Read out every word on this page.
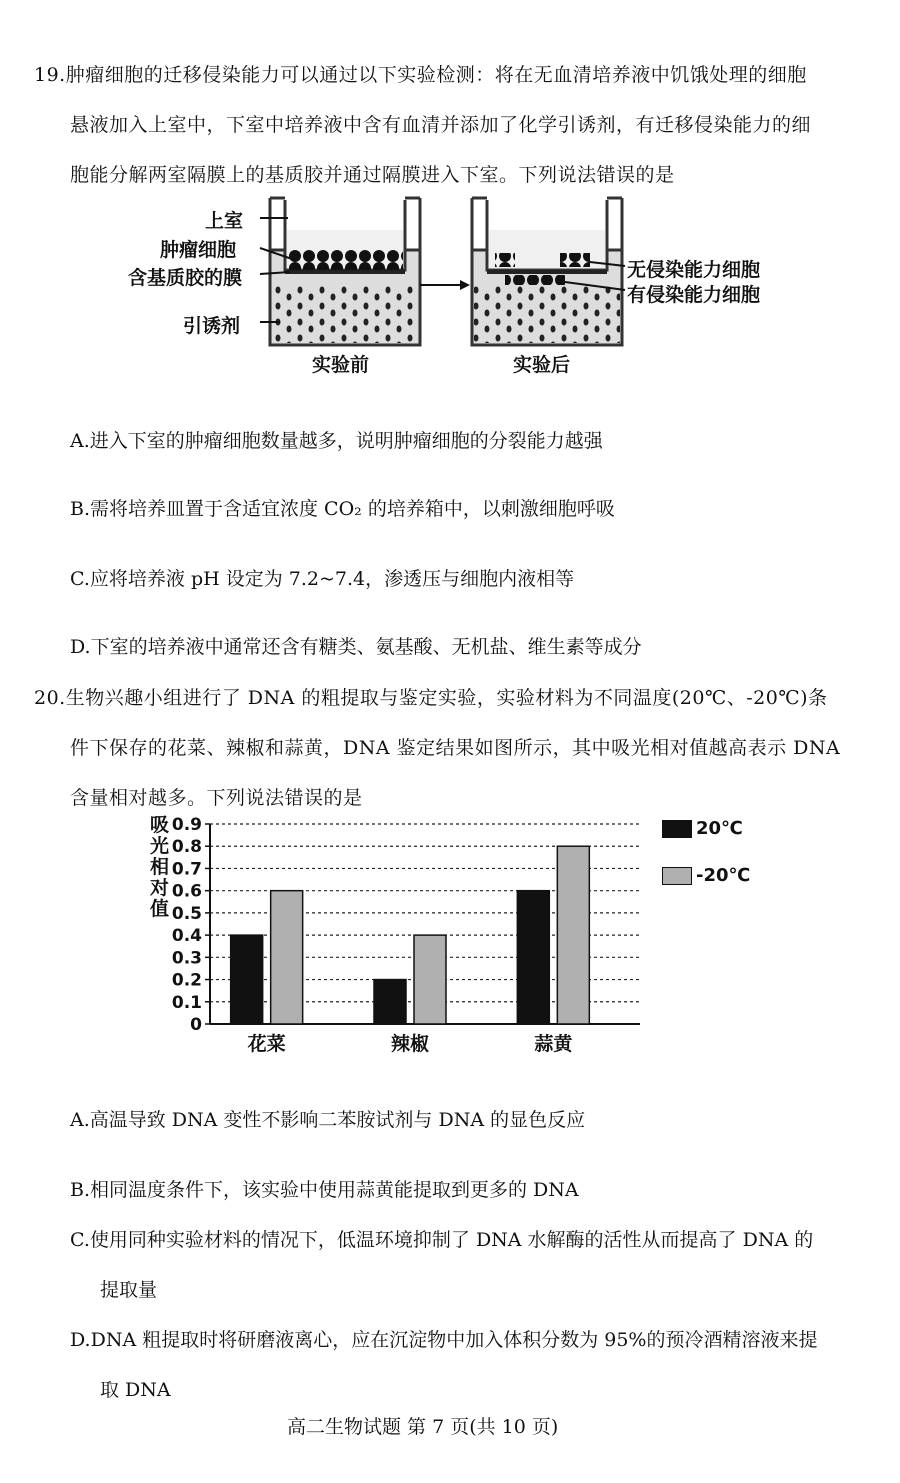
19.肿瘤细胞的迁移侵染能力可以通过以下实验检测：将在无血清培养液中饥饿处理的细胞
悬液加入上室中，下室中培养液中含有血清并添加了化学引诱剂，有迁移侵染能力的细
胞能分解两室隔膜上的基质胶并通过隔膜进入下室。下列说法错误的是
上室
肿瘤细胞
含基质胶的膜
引诱剂
无侵染能力细胞
有侵染能力细胞
实验前	实验后
A.进入下室的肿瘤细胞数量越多，说明肿瘤细胞的分裂能力越强
B.需将培养皿置于含适宜浓度 CO₂ 的培养箱中，以刺激细胞呼吸
C.应将培养液 pH 设定为 7.2~7.4，渗透压与细胞内液相等
D.下室的培养液中通常还含有糖类、氨基酸、无机盐、维生素等成分
20.生物兴趣小组进行了 DNA 的粗提取与鉴定实验，实验材料为不同温度(20℃、-20℃)条
件下保存的花菜、辣椒和蒜黄，DNA 鉴定结果如图所示，其中吸光相对值越高表示 DNA
含量相对越多。下列说法错误的是
吸光相对值
0
0.1
0.2
0.3
0.4
0.5
0.6
0.7
0.8
0.9
花菜	辣椒	蒜黄
20℃
-20℃
A.高温导致 DNA 变性不影响二苯胺试剂与 DNA 的显色反应
B.相同温度条件下，该实验中使用蒜黄能提取到更多的 DNA
C.使用同种实验材料的情况下，低温环境抑制了 DNA 水解酶的活性从而提高了 DNA 的
提取量
D.DNA 粗提取时将研磨液离心，应在沉淀物中加入体积分数为 95%的预冷酒精溶液来提
取 DNA
高二生物试题 第 7 页(共 10 页)
